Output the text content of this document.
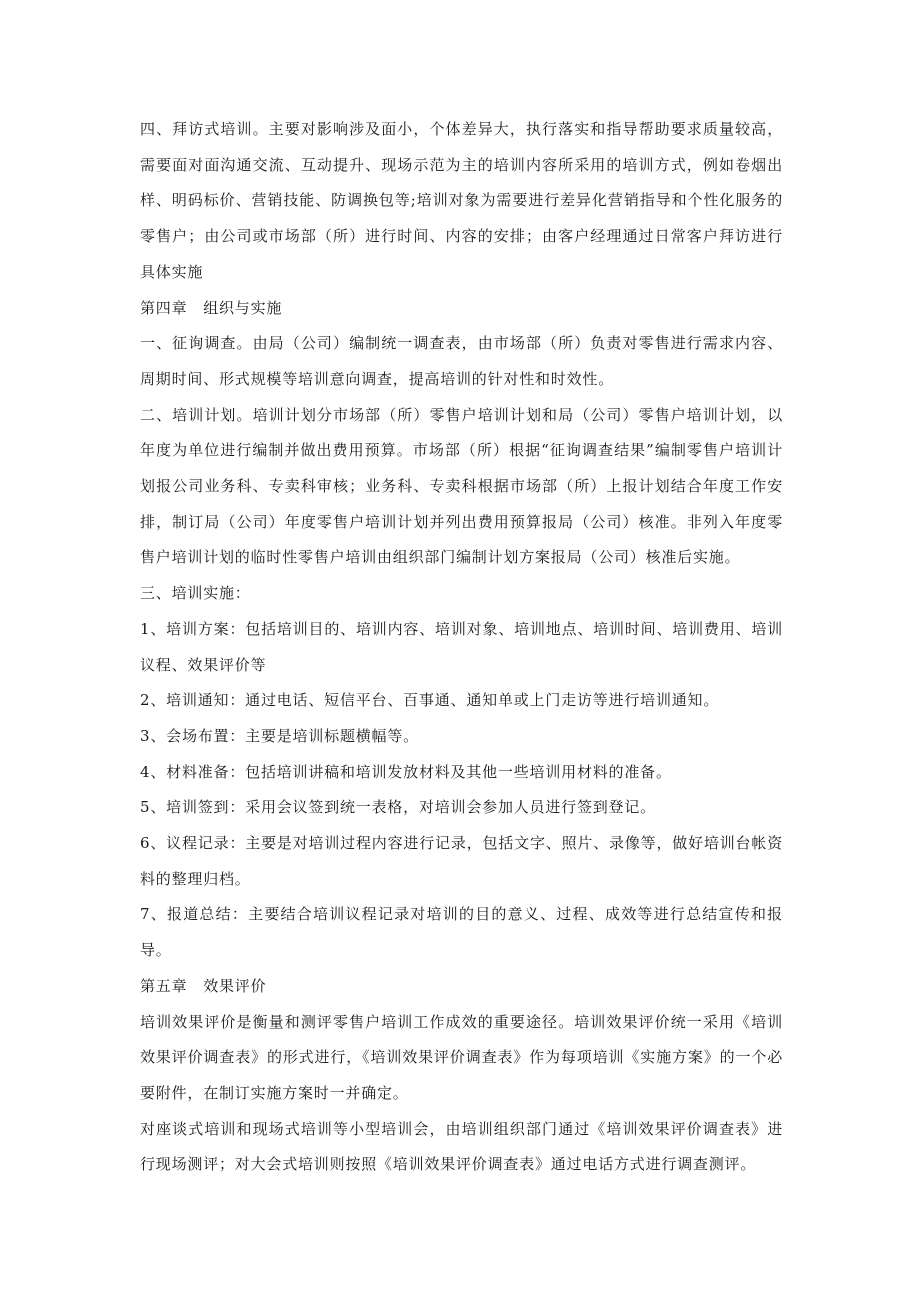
四、拜访式培训。主要对影响涉及面小，个体差异大，执行落实和指导帮助要求质量较高，需要面对面沟通交流、互动提升、现场示范为主的培训内容所采用的培训方式，例如卷烟出样、明码标价、营销技能、防调换包等;培训对象为需要进行差异化营销指导和个性化服务的零售户；由公司或市场部（所）进行时间、内容的安排；由客户经理通过日常客户拜访进行具体实施

第四章　组织与实施

一、征询调查。由局（公司）编制统一调查表，由市场部（所）负责对零售进行需求内容、周期时间、形式规模等培训意向调查，提高培训的针对性和时效性。

二、培训计划。培训计划分市场部（所）零售户培训计划和局（公司）零售户培训计划，以年度为单位进行编制并做出费用预算。市场部（所）根据“征询调查结果”编制零售户培训计划报公司业务科、专卖科审核；业务科、专卖科根据市场部（所）上报计划结合年度工作安排，制订局（公司）年度零售户培训计划并列出费用预算报局（公司）核准。非列入年度零售户培训计划的临时性零售户培训由组织部门编制计划方案报局（公司）核准后实施。

三、培训实施：

1、培训方案：包括培训目的、培训内容、培训对象、培训地点、培训时间、培训费用、培训议程、效果评价等

2、培训通知：通过电话、短信平台、百事通、通知单或上门走访等进行培训通知。

3、会场布置：主要是培训标题横幅等。

4、材料准备：包括培训讲稿和培训发放材料及其他一些培训用材料的准备。

5、培训签到：采用会议签到统一表格，对培训会参加人员进行签到登记。

6、议程记录：主要是对培训过程内容进行记录，包括文字、照片、录像等，做好培训台帐资料的整理归档。

7、报道总结：主要结合培训议程记录对培训的目的意义、过程、成效等进行总结宣传和报导。

第五章　效果评价

培训效果评价是衡量和测评零售户培训工作成效的重要途径。培训效果评价统一采用《培训效果评价调查表》的形式进行，《培训效果评价调查表》作为每项培训《实施方案》的一个必要附件，在制订实施方案时一并确定。

对座谈式培训和现场式培训等小型培训会，由培训组织部门通过《培训效果评价调查表》进行现场测评；对大会式培训则按照《培训效果评价调查表》通过电话方式进行调查测评。
